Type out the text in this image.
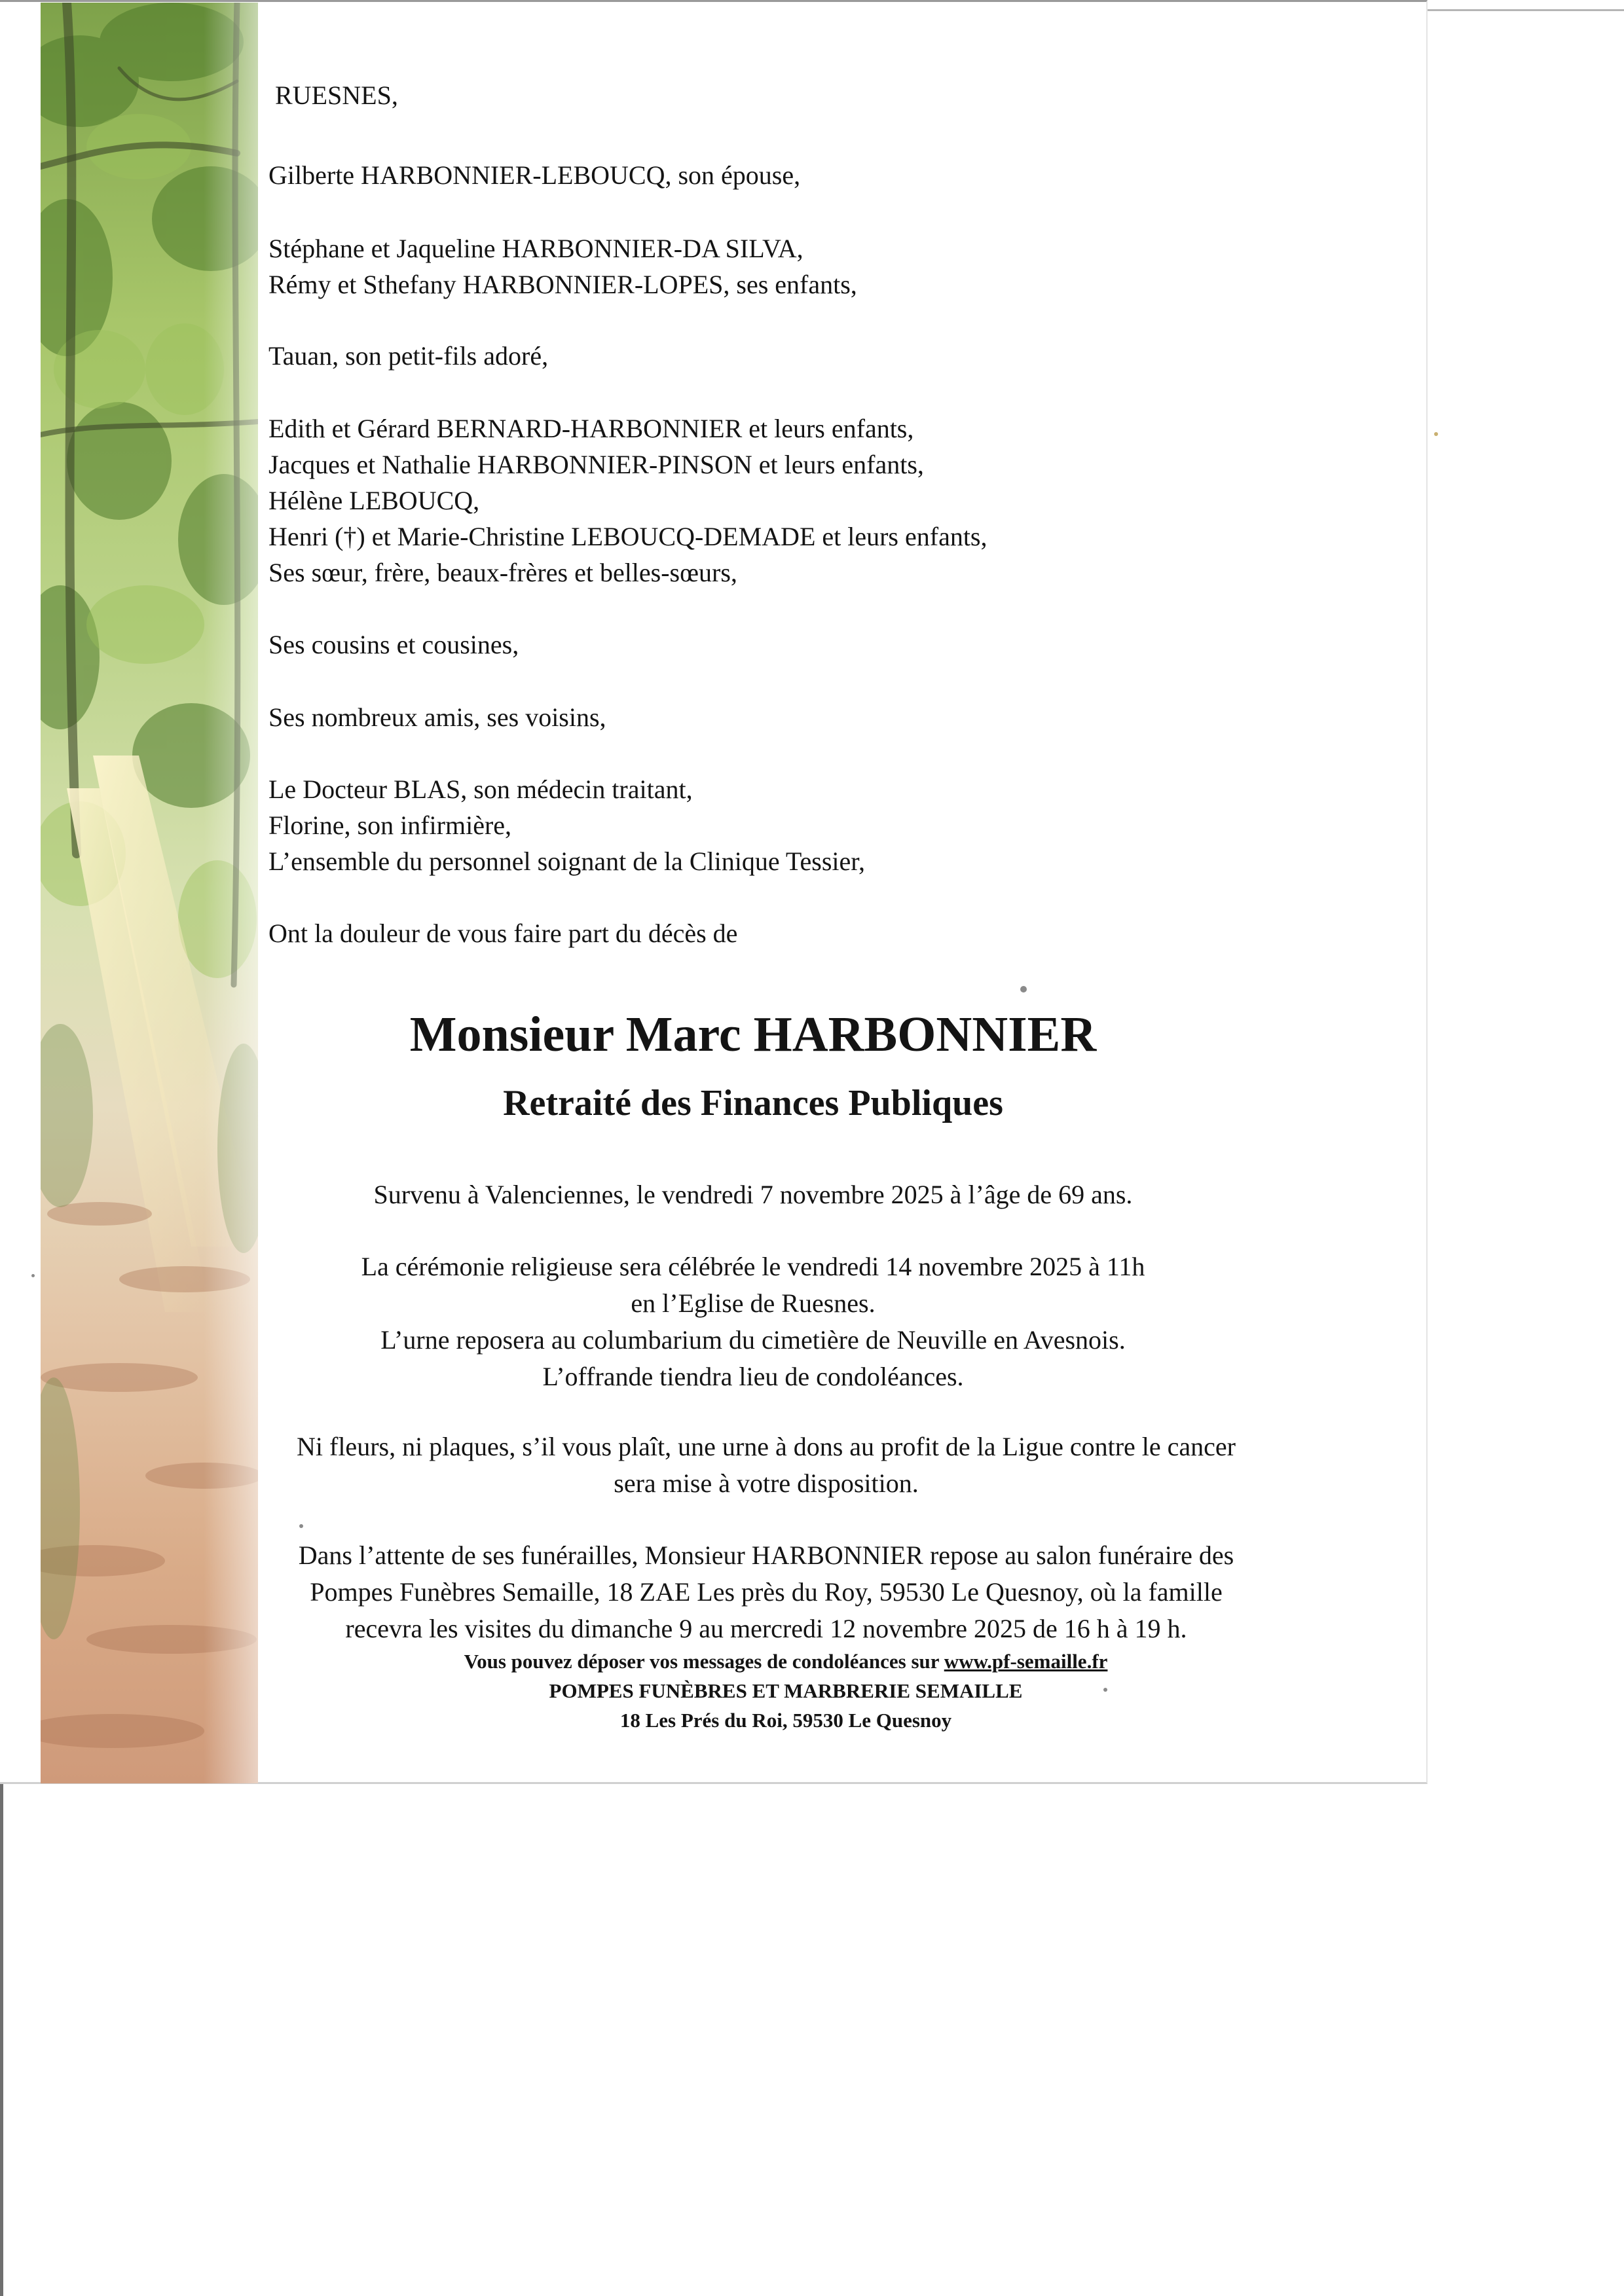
RUESNES,
Gilberte HARBONNIER-LEBOUCQ, son épouse,
Stéphane et Jaqueline HARBONNIER-DA SILVA,
Rémy et Sthefany HARBONNIER-LOPES, ses enfants,
Tauan, son petit-fils adoré,
Edith et Gérard BERNARD-HARBONNIER et leurs enfants,
Jacques et Nathalie HARBONNIER-PINSON et leurs enfants,
Hélène LEBOUCQ,
Henri (†) et Marie-Christine LEBOUCQ-DEMADE et leurs enfants,
Ses sœur, frère, beaux-frères et belles-sœurs,
Ses cousins et cousines,
Ses nombreux amis, ses voisins,
Le Docteur BLAS, son médecin traitant,
Florine, son infirmière,
L’ensemble du personnel soignant de la Clinique Tessier,
Ont la douleur de vous faire part du décès de
Monsieur Marc HARBONNIER
Retraité des Finances Publiques
Survenu à Valenciennes, le vendredi 7 novembre 2025 à l’âge de 69 ans.
La cérémonie religieuse sera célébrée le vendredi 14 novembre 2025 à 11h
en l’Eglise de Ruesnes.
L’urne reposera au columbarium du cimetière de Neuville en Avesnois.
L’offrande tiendra lieu de condoléances.
Ni fleurs, ni plaques, s’il vous plaît, une urne à dons au profit de la Ligue contre le cancer
sera mise à votre disposition.
Dans l’attente de ses funérailles, Monsieur HARBONNIER repose au salon funéraire des
Pompes Funèbres Semaille, 18 ZAE Les près du Roy, 59530 Le Quesnoy, où la famille
recevra les visites du dimanche 9 au mercredi 12 novembre 2025 de 16 h à 19 h.
Vous pouvez déposer vos messages de condoléances sur www.pf-semaille.fr
POMPES FUNÈBRES ET MARBRERIE SEMAILLE
18 Les Prés du Roi, 59530 Le Quesnoy
